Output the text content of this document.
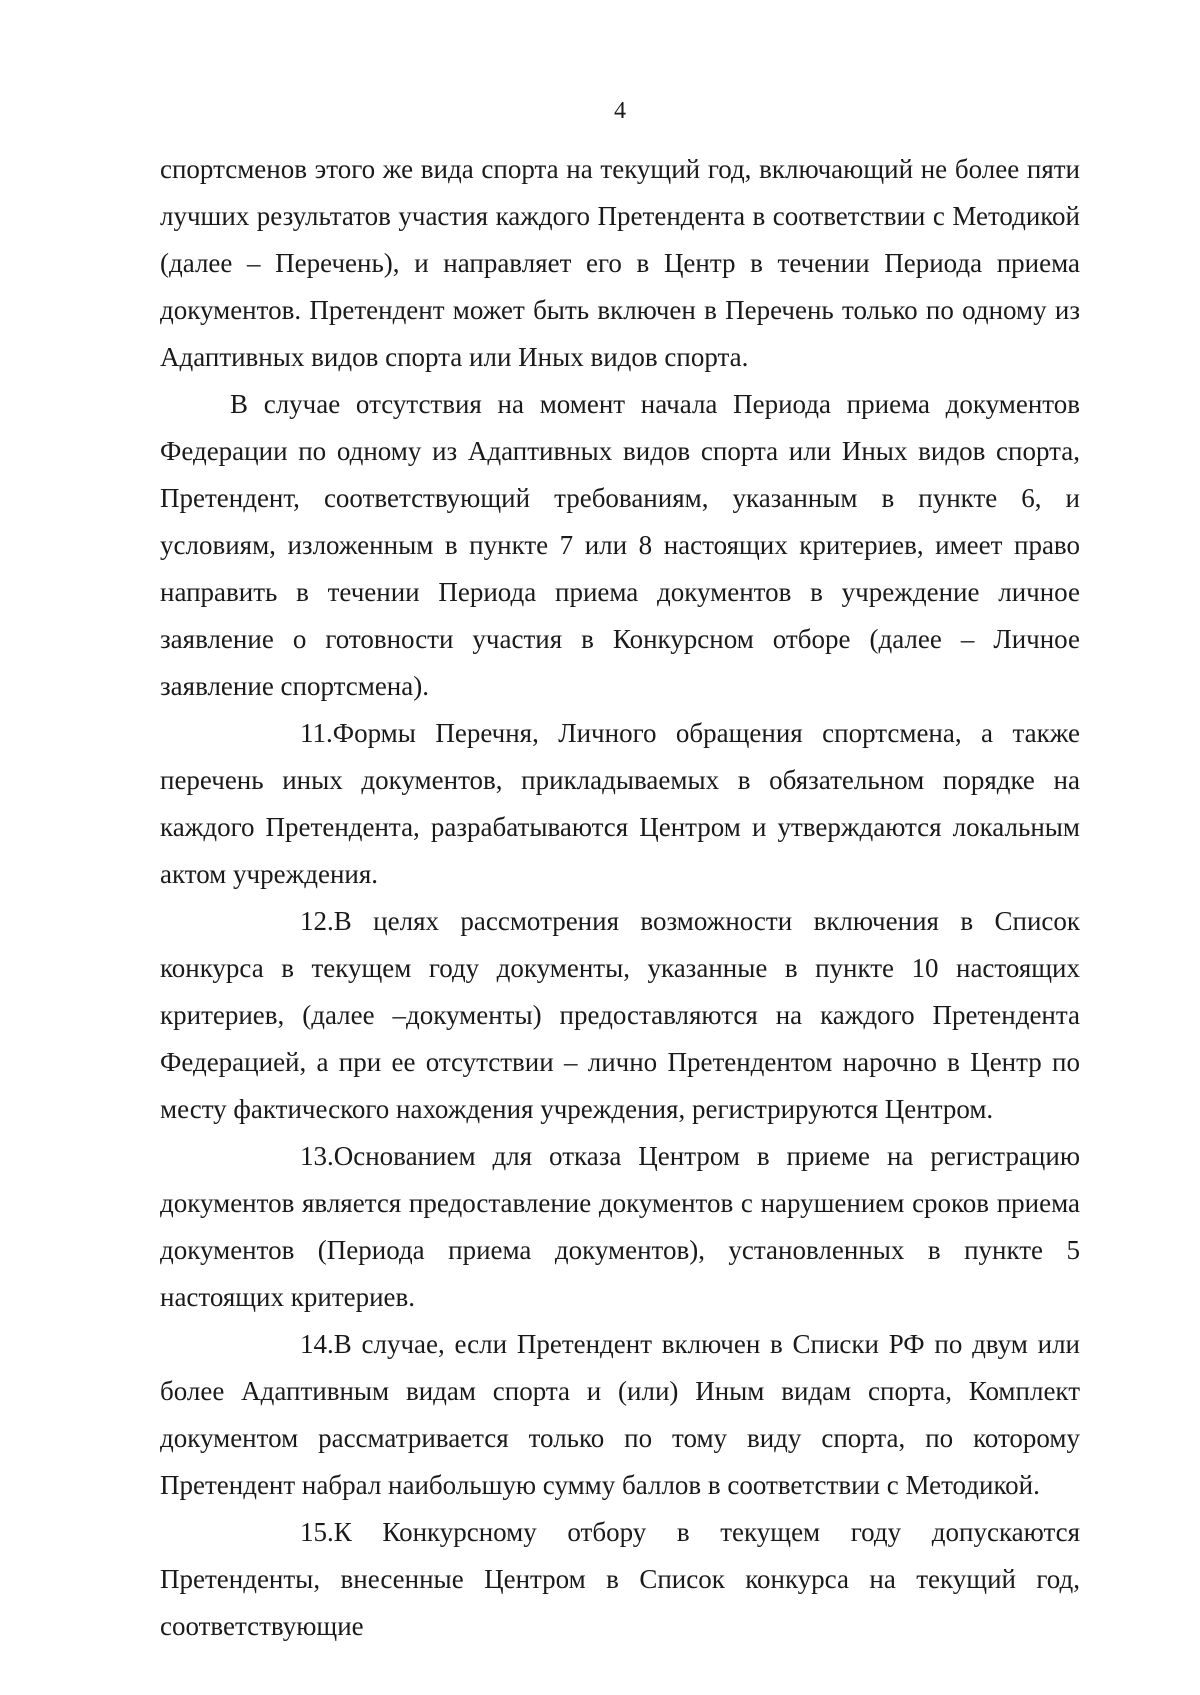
4

спортсменов этого же вида спорта на текущий год, включающий не более пяти лучших результатов участия каждого Претендента в соответствии с Методикой (далее – Перечень), и направляет его в Центр в течении Периода приема документов. Претендент может быть включен в Перечень только по одному из Адаптивных видов спорта или Иных видов спорта.

В случае отсутствия на момент начала Периода приема документов Федерации по одному из Адаптивных видов спорта или Иных видов спорта, Претендент, соответствующий требованиям, указанным в пункте 6, и условиям, изложенным в пункте 7 или 8 настоящих критериев, имеет право направить в течении Периода приема документов в учреждение личное заявление о готовности участия в Конкурсном отборе (далее – Личное заявление спортсмена).

11.Формы Перечня, Личного обращения спортсмена, а также перечень иных документов, прикладываемых в обязательном порядке на каждого Претендента, разрабатываются Центром и утверждаются локальным актом учреждения.

12.В целях рассмотрения возможности включения в Список конкурса в текущем году документы, указанные в пункте 10 настоящих критериев, (далее –документы) предоставляются на каждого Претендента Федерацией, а при ее отсутствии – лично Претендентом нарочно в Центр по месту фактического нахождения учреждения, регистрируются Центром.

13.Основанием для отказа Центром в приеме на регистрацию документов является предоставление документов с нарушением сроков приема документов (Периода приема документов), установленных в пункте 5 настоящих критериев.

14.В случае, если Претендент включен в Списки РФ по двум или более Адаптивным видам спорта и (или) Иным видам спорта, Комплект документом рассматривается только по тому виду спорта, по которому Претендент набрал наибольшую сумму баллов в соответствии с Методикой.

15.К Конкурсному отбору в текущем году допускаются Претенденты, внесенные Центром в Список конкурса на текущий год, соответствующие
